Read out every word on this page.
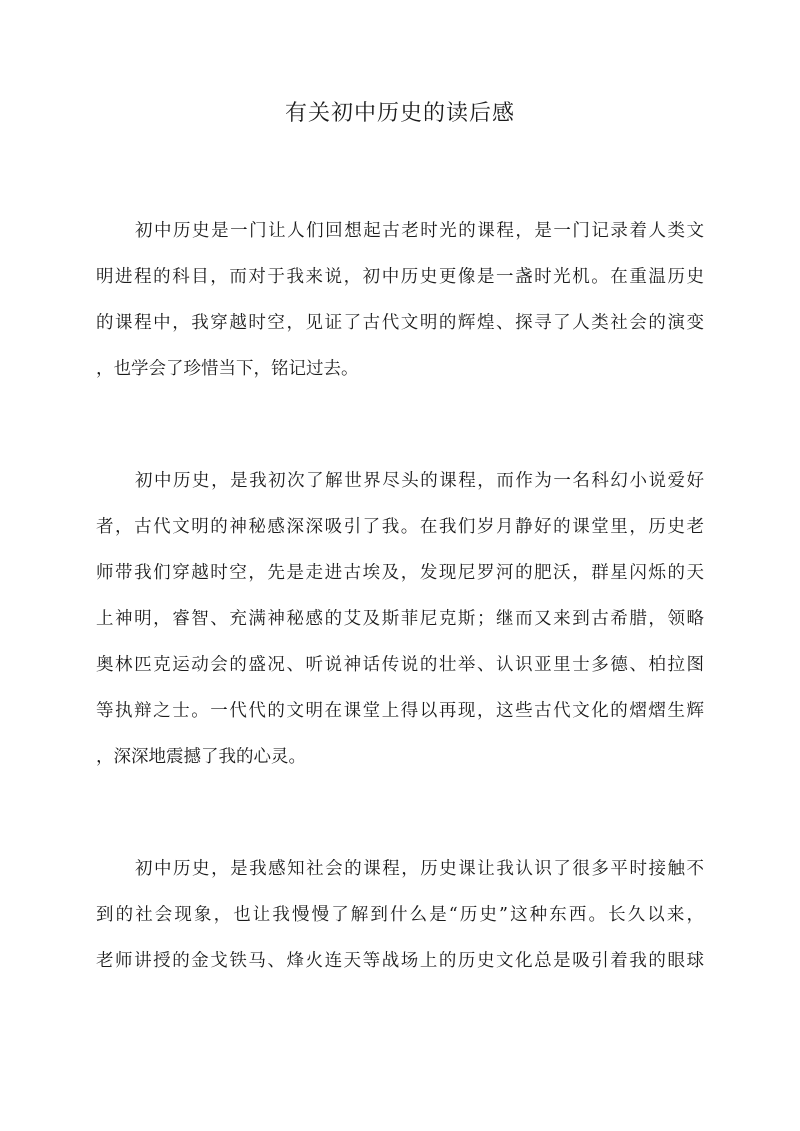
有关初中历史的读后感

初中历史是一门让人们回想起古老时光的课程，是一门记录着人类文

明进程的科目，而对于我来说，初中历史更像是一盏时光机。在重温历史

的课程中，我穿越时空，见证了古代文明的辉煌、探寻了人类社会的演变

，也学会了珍惜当下，铭记过去。

初中历史，是我初次了解世界尽头的课程，而作为一名科幻小说爱好

者，古代文明的神秘感深深吸引了我。在我们岁月静好的课堂里，历史老

师带我们穿越时空，先是走进古埃及，发现尼罗河的肥沃，群星闪烁的天

上神明，睿智、充满神秘感的艾及斯菲尼克斯；继而又来到古希腊，领略

奥林匹克运动会的盛况、听说神话传说的壮举、认识亚里士多德、柏拉图

等执辩之士。一代代的文明在课堂上得以再现，这些古代文化的熠熠生辉

，深深地震撼了我的心灵。

初中历史，是我感知社会的课程，历史课让我认识了很多平时接触不

到的社会现象，也让我慢慢了解到什么是“历史”这种东西。长久以来，

老师讲授的金戈铁马、烽火连天等战场上的历史文化总是吸引着我的眼球
